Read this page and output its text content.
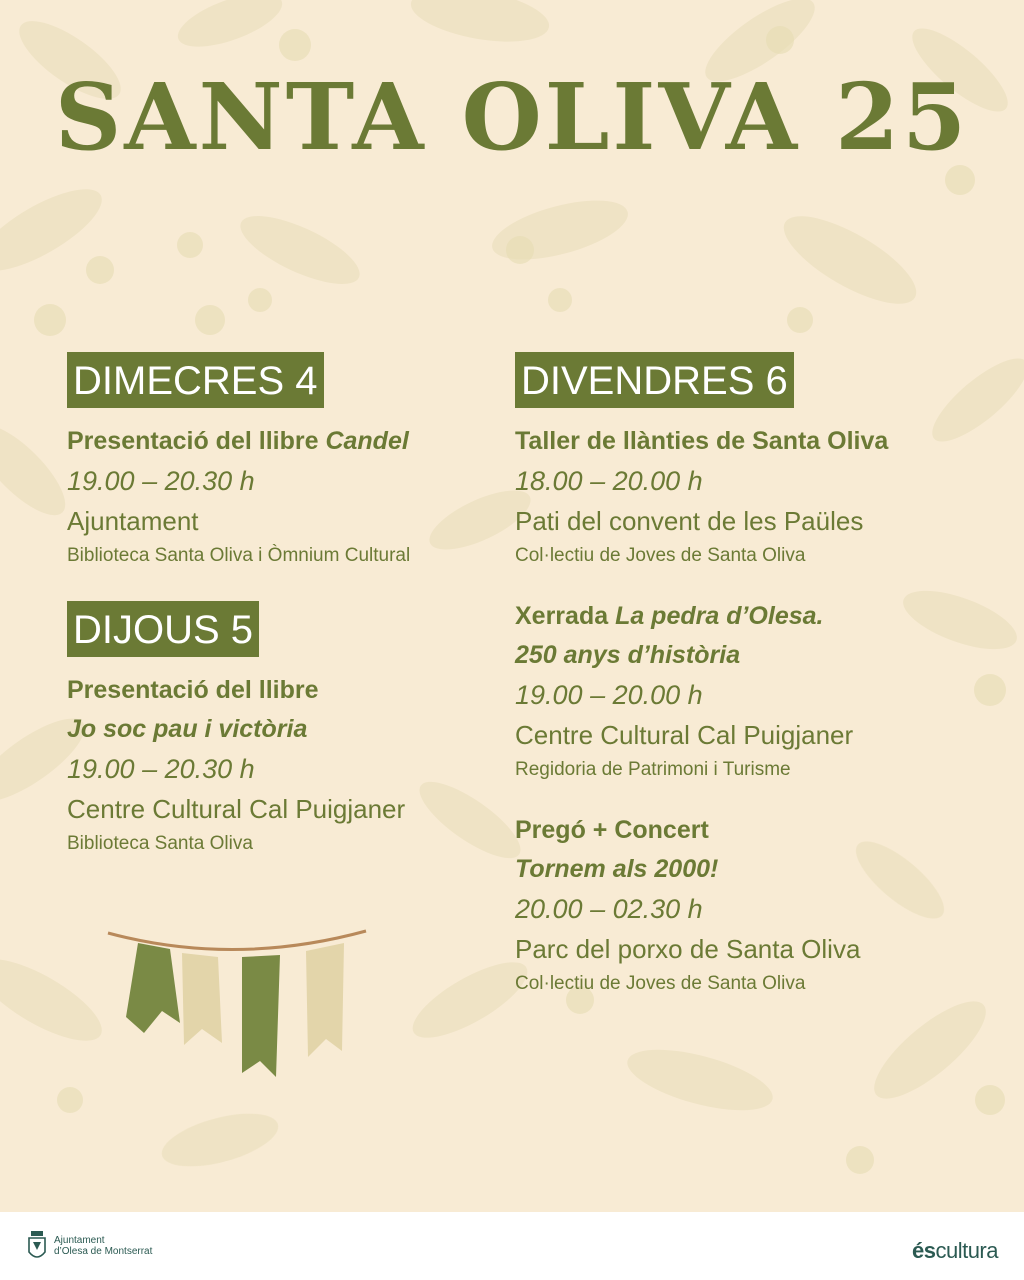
SANTA OLIVA 25
DIMECRES 4

Presentació del llibre Candel

19.00 – 20.30 h
Ajuntament
Biblioteca Santa Oliva i Òmnium Cultural
DIJOUS 5

Presentació del llibre

Jo soc pau i victòria

19.00 – 20.30 h
Centre Cultural Cal Puigjaner
Biblioteca Santa Oliva
DIVENDRES 6

Taller de llànties de Santa Oliva

18.00 – 20.00 h
Pati del convent de les Paüles
Col·lectiu de Joves de Santa Oliva

Xerrada La pedra d’Olesa.

250 anys d’història

19.00 – 20.00 h
Centre Cultural Cal Puigjaner
Regidoria de Patrimoni i Turisme

Pregó + Concert

Tornem als 2000!

20.00 – 02.30 h
Parc del porxo de Santa Oliva
Col·lectiu de Joves de Santa Oliva
Ajuntament
d’Olesa de Montserrat	éscultura
